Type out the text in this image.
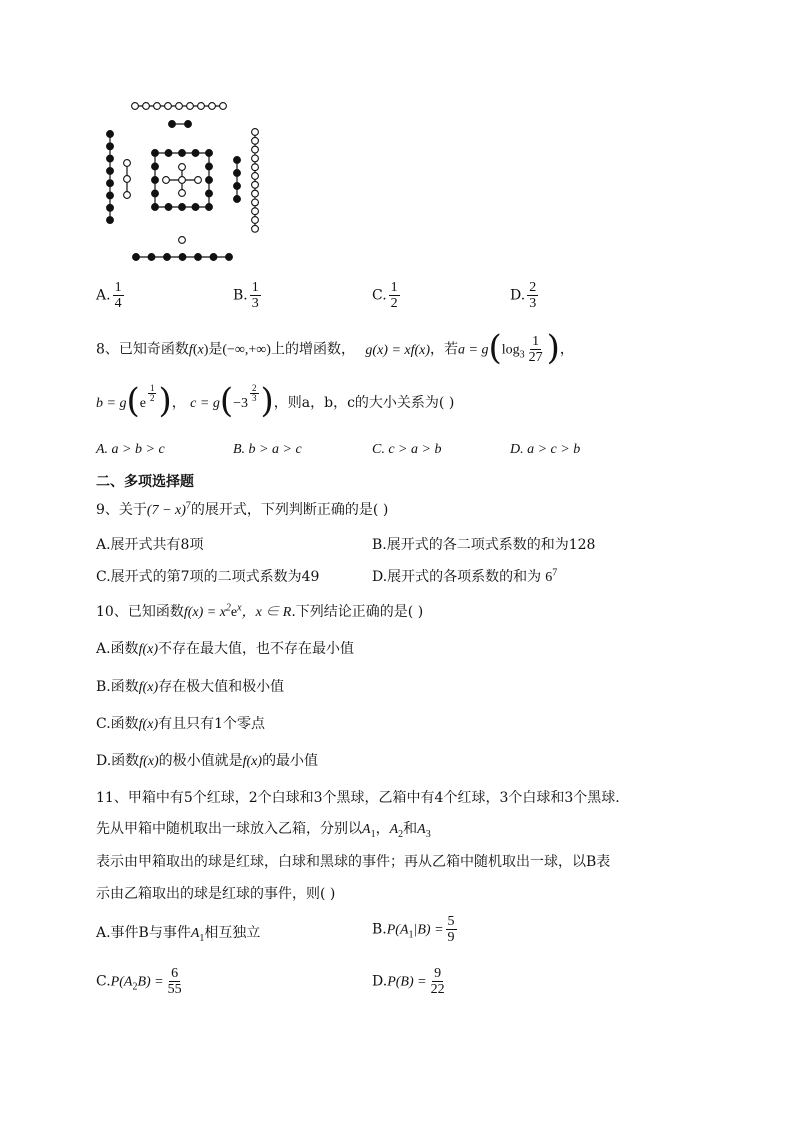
A. $\frac{1}{4}$	B. $\frac{1}{3}$	C. $\frac{1}{2}$	D. $\frac{2}{3}$
8、已知奇函数f(x)是(−∞,+∞)上的增函数， g(x) = xf(x)，若$a = g(\log_3 \frac{1}{27}$ )，
b = g(e
$\frac{1}{2}$ )， c = g(−3
$\frac{2}{3}$ )，则a，b，c的大小关系为( )
A. a > b > c	B. b > a > c	C. c > a > b	D. a > c > b
二、多项选择题
9、关于$(7 - x)^7$的展开式，下列判断正确的是( )
A.展开式共有8项	B.展开式的各二项式系数的和为128
C.展开式的第7项的二项式系数为49	D.展开式的各项系数的和为 $6^7$
10、已知函数$f(x) = x^2e^x$，x ∈ R.下列结论正确的是( )
A.函数f(x)不存在最大值，也不存在最小值
B.函数f(x)存在极大值和极小值
C.函数f(x)有且只有1个零点
D.函数f(x)的极小值就是f(x)的最小值
11、甲箱中有5个红球，2个白球和3个黑球，乙箱中有4个红球，3个白球和3个黑球.
先从甲箱中随机取出一球放入乙箱，分别以$A_1$，$A_2$和$A_3$
表示由甲箱取出的球是红球，白球和黑球的事件；再从乙箱中随机取出一球，以B表
示由乙箱取出的球是红球的事件，则( )
A.事件B与事件$A_1$相互独立	$B.P(A_1|B) = \frac{5}{9}$
$C.P(A_2B) = \frac{6}{55}$	$D.P(B) = \frac{9}{22}$
